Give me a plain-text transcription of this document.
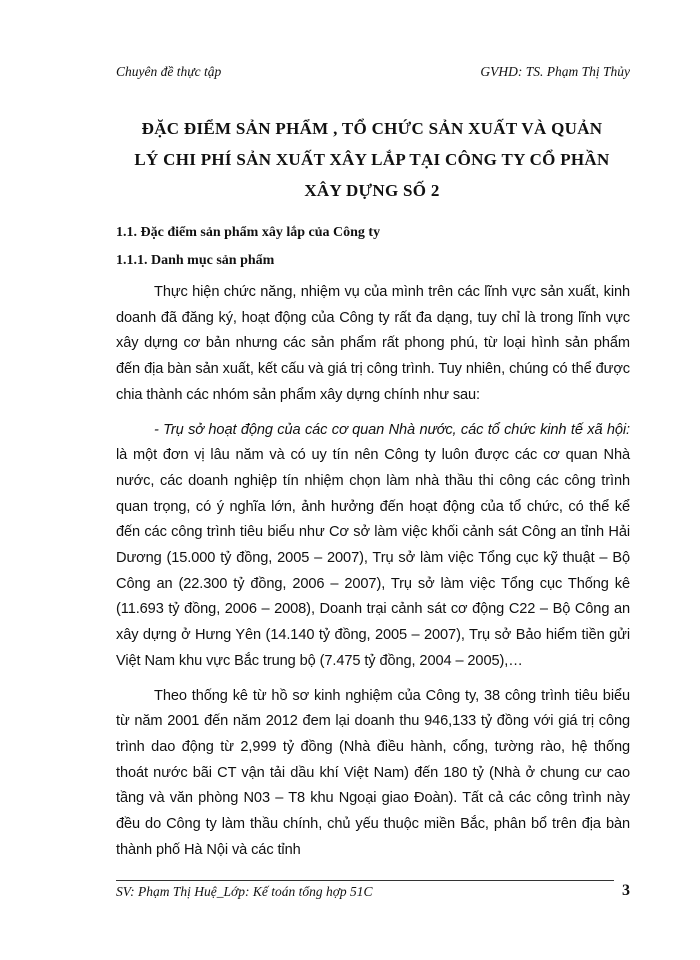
Chuyên đề thực tập	GVHD: TS. Phạm Thị Thủy
ĐẶC ĐIỂM SẢN PHẨM , TỔ CHỨC SẢN XUẤT VÀ QUẢN
LÝ CHI PHÍ SẢN XUẤT XÂY LẮP TẠI CÔNG TY CỔ PHẦN
XÂY DỰNG SỐ 2
1.1. Đặc điểm sản phẩm xây lắp của Công ty
1.1.1. Danh mục sản phẩm

Thực hiện chức năng, nhiệm vụ của mình trên các lĩnh vực sản xuất, kinh doanh đã đăng ký, hoạt động của Công ty rất đa dạng, tuy chỉ là trong lĩnh vực xây dựng cơ bản nhưng các sản phẩm rất phong phú, từ loại hình sản phẩm đến địa bàn sản xuất, kết cấu và giá trị công trình. Tuy nhiên, chúng có thể được chia thành các nhóm sản phẩm xây dựng chính như sau:

- Trụ sở hoạt động của các cơ quan Nhà nước, các tổ chức kinh tế xã hội: là một đơn vị lâu năm và có uy tín nên Công ty luôn được các cơ quan Nhà nước, các doanh nghiệp tín nhiệm chọn làm nhà thầu thi công các công trình quan trọng, có ý nghĩa lớn, ảnh hưởng đến hoạt động của tổ chức, có thể kể đến các công trình tiêu biểu như Cơ sở làm việc khối cảnh sát Công an tỉnh Hải Dương (15.000 tỷ đồng, 2005 – 2007), Trụ sở làm việc Tổng cục kỹ thuật – Bộ Công an (22.300 tỷ đồng, 2006 – 2007), Trụ sở làm việc Tổng cục Thống kê (11.693 tỷ đồng, 2006 – 2008), Doanh trại cảnh sát cơ động C22 – Bộ Công an xây dựng ở Hưng Yên (14.140 tỷ đồng, 2005 – 2007), Trụ sở Bảo hiểm tiền gửi Việt Nam khu vực Bắc trung bộ (7.475 tỷ đồng, 2004 – 2005),…

Theo thống kê từ hồ sơ kinh nghiệm của Công ty, 38 công trình tiêu biểu từ năm 2001 đến năm 2012 đem lại doanh thu 946,133 tỷ đồng với giá trị công trình dao động từ 2,999 tỷ đồng (Nhà điều hành, cổng, tường rào, hệ thống thoát nước bãi CT vận tải dầu khí Việt Nam) đến 180 tỷ (Nhà ở chung cư cao tầng và văn phòng N03 – T8 khu Ngoại giao Đoàn). Tất cả các công trình này đều do Công ty làm thầu chính, chủ yếu thuộc miền Bắc, phân bổ trên địa bàn thành phố Hà Nội và các tỉnh

SV: Phạm Thị Huệ_Lớp: Kế toán tổng hợp 51C	3
